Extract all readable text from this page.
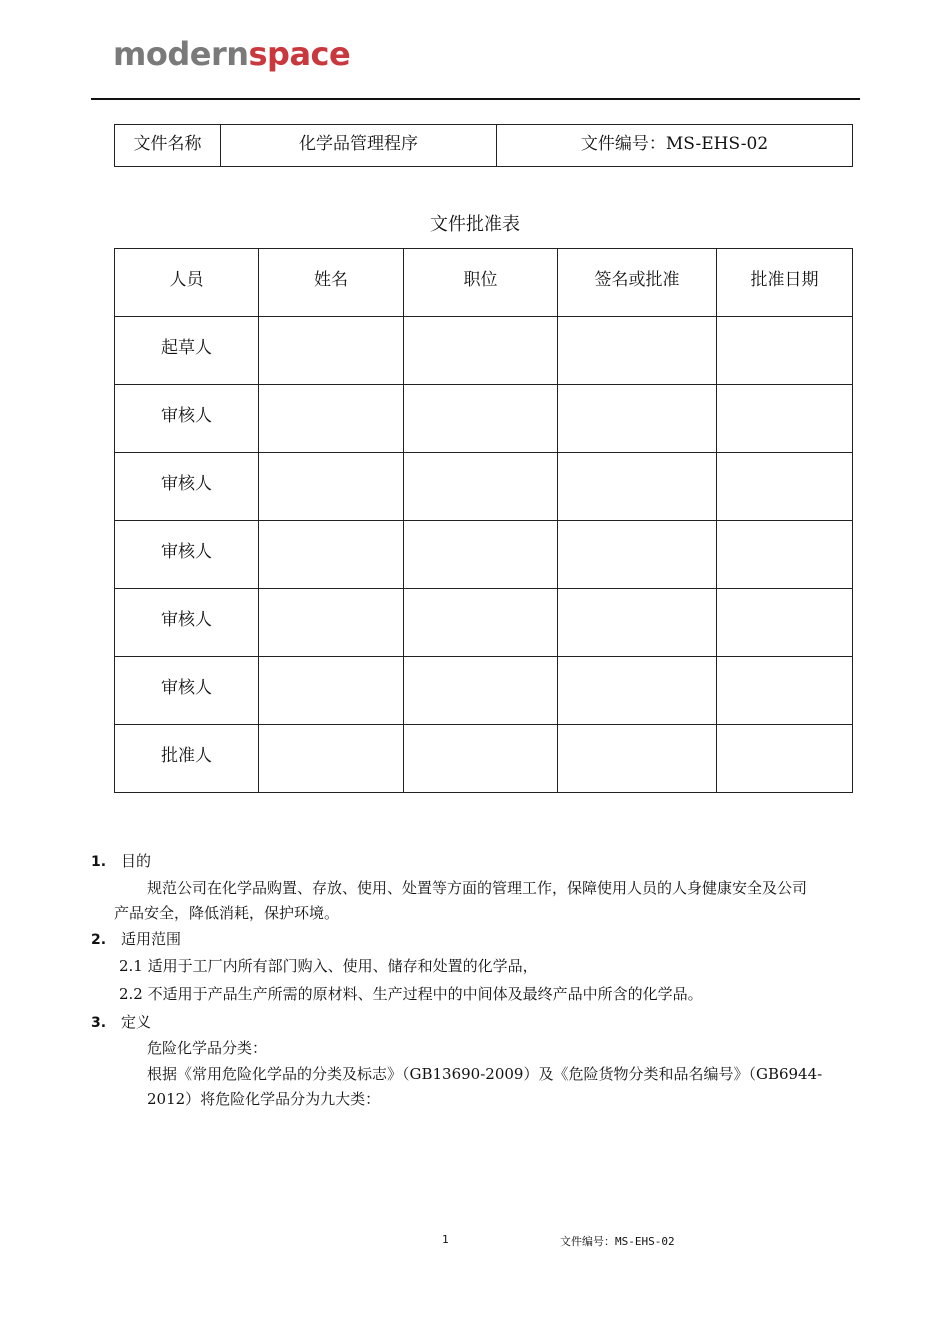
modernspace
文件名称	化学品管理程序	文件编号：MS-EHS-02
文件批准表
人员	姓名	职位	签名或批准	批准日期
起草人				
审核人				
审核人				
审核人				
审核人				
审核人				
批准人				
1. 目的
规范公司在化学品购置、存放、使用、处置等方面的管理工作，保障使用人员的人身健康安全及公司
产品安全，降低消耗，保护环境。
2. 适用范围
2.1 适用于工厂内所有部门购入、使用、储存和处置的化学品，
2.2 不适用于产品生产所需的原材料、生产过程中的中间体及最终产品中所含的化学品。
3. 定义
危险化学品分类：
根据《常用危险化学品的分类及标志》（GB13690-2009）及《危险货物分类和品名编号》（GB6944-
2012）将危险化学品分为九大类：
1	文件编号：MS-EHS-02
